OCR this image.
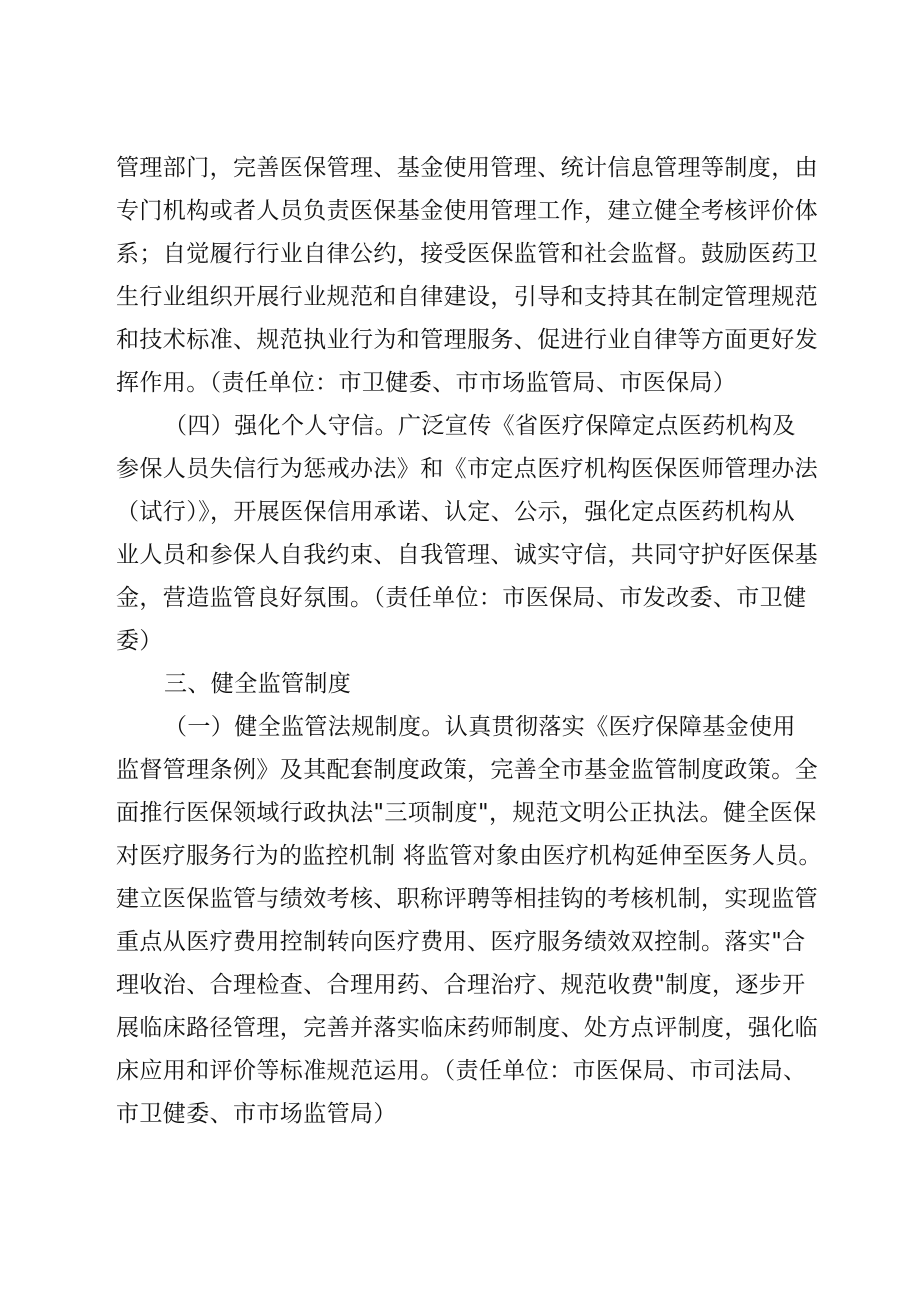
管理部门，完善医保管理、基金使用管理、统计信息管理等制度，由

专门机构或者人员负责医保基金使用管理工作，建立健全考核评价体

系；自觉履行行业自律公约，接受医保监管和社会监督。鼓励医药卫

生行业组织开展行业规范和自律建设，引导和支持其在制定管理规范

和技术标准、规范执业行为和管理服务、促进行业自律等方面更好发

挥作用。（责任单位：市卫健委、市市场监管局、市医保局）

（四）强化个人守信。广泛宣传《省医疗保障定点医药机构及

参保人员失信行为惩戒办法》和《市定点医疗机构医保医师管理办法

（试行）》，开展医保信用承诺、认定、公示，强化定点医药机构从

业人员和参保人自我约束、自我管理、诚实守信，共同守护好医保基

金，营造监管良好氛围。（责任单位：市医保局、市发改委、市卫健

委）

三、健全监管制度

（一）健全监管法规制度。认真贯彻落实《医疗保障基金使用

监督管理条例》及其配套制度政策，完善全市基金监管制度政策。全

面推行医保领域行政执法"三项制度"，规范文明公正执法。健全医保

对医疗服务行为的监控机制 将监管对象由医疗机构延伸至医务人员。

建立医保监管与绩效考核、职称评聘等相挂钩的考核机制，实现监管

重点从医疗费用控制转向医疗费用、医疗服务绩效双控制。落实"合

理收治、合理检查、合理用药、合理治疗、规范收费"制度，逐步开

展临床路径管理，完善并落实临床药师制度、处方点评制度，强化临

床应用和评价等标准规范运用。（责任单位：市医保局、市司法局、

市卫健委、市市场监管局）
